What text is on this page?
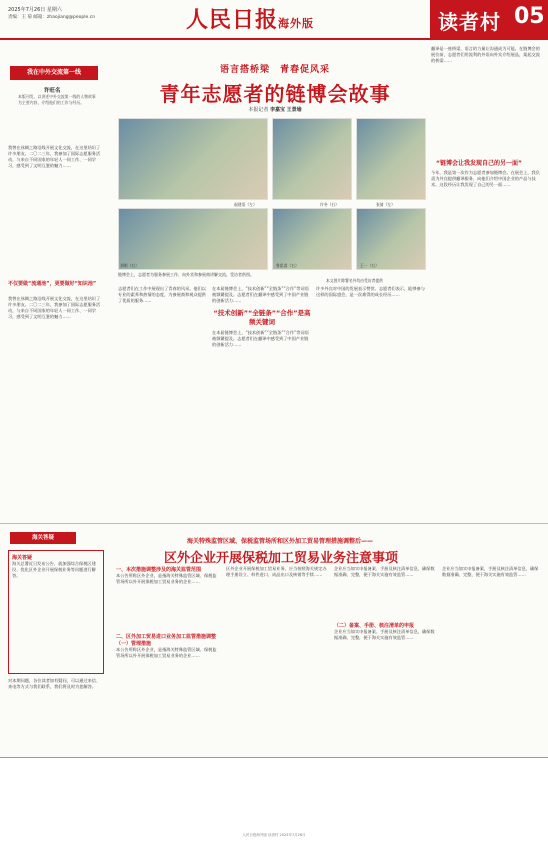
2025年7月26日 星期六
责编：王 菊 邮箱：zhaojiang@people.cn	人民日报海外版	读者村 05
我在中外交流第一线
许旺名
本版刊发，以讲述中外交流第一线的人物故事为主要内容，介绍他们的工作与经历。
我曾在丝绸之路沿线开展文化交流，在这里结识了许多朋友。二〇二三年，我参加了国际志愿服务活动，与来自不同国家的年轻人一同工作、一同学习，感受到了文明互鉴的魅力……
不仅要做“流通池”，更要做好“知识池”
我曾在丝绸之路沿线开展文化交流，在这里结识了许多朋友。二〇二三年，我参加了国际志愿服务活动，与来自不同国家的年轻人一同工作、一同学习，感受到了文明互鉴的魅力……
语言搭桥梁　青春促风采
青年志愿者的链博会故事
本报记者 李嘉宝 王景瑜
福建语（左）	许冬（右）	张倩（左）
刘明（右）	鲁思睿（右）	王一（右）
链博会上，志愿者为服务参展工作、向外宾和参展商讲解交流。受访者供图。
本文图片除署名外均由受访者提供
翻译是一座桥梁，语言的力量让沟通成为可能。在链博会的展位前，志愿者们用流利的外语向外宾介绍展品，架起交流的桥梁……
“链博会让我发现自己的另一面”
今年，我是第一次作为志愿者参加链博会。在展会上，我负责为外宾提供翻译服务，向他们介绍中国企业的产品与技术。这段经历让我发现了自己的另一面……
志愿者们在工作中展现出了青春的风采。他们以专业的素养和热情的态度，为参展商和观众提供了优质的服务……
在本届链博会上，“技术创新”“全链条”“合作”等词语被频繁提及。志愿者们在翻译中感受到了中国产业链的创新活力……
“技术创新”“全链条”“合作”是高频关键词
在本届链博会上，“技术创新”“全链条”“合作”等词语被频繁提及。志愿者们在翻译中感受到了中国产业链的创新活力……
许多外宾对中国的发展表示赞赏。志愿者们表示，能够参与这样的国际盛会，是一次难得的成长经历……
海关答疑
海关答疑
海关总署近日发布公告，就加强综合保税区建设、优化区外企业开展保税业务等问题进行解答。
海关特殊监管区域、保税监管场所和区外加工贸易管理措施调整后——
区外企业开展保税加工贸易业务注意事项
对本期问题，各位读者如有疑问，可以通过来信、来电等方式与我们联系，我们将及时为您解答。
一、本次措施调整涉及的海关监管范围
本公告所称区外企业，是指海关特殊监管区域、保税监管场所以外开展保税加工贸易业务的企业……
二、区外加工贸易进口业务加工监管措施调整
（一）管理措施
本公告所称区外企业，是指海关特殊监管区域、保税监管场所以外开展保税加工贸易业务的企业……
区外企业开展保税加工贸易业务，应当按照海关规定办理手册设立、料件进口、成品出口及核销等手续……
企业应当如实申报备案、手册及核注清单信息，确保数据准确、完整，便于海关实施有效监管……
（二）备案、手册、核注清单的申报
企业应当如实申报备案、手册及核注清单信息，确保数据准确、完整，便于海关实施有效监管……
企业应当如实申报备案、手册及核注清单信息，确保数据准确、完整，便于海关实施有效监管……
人民日报海外版 读者村 2025年7月26日
